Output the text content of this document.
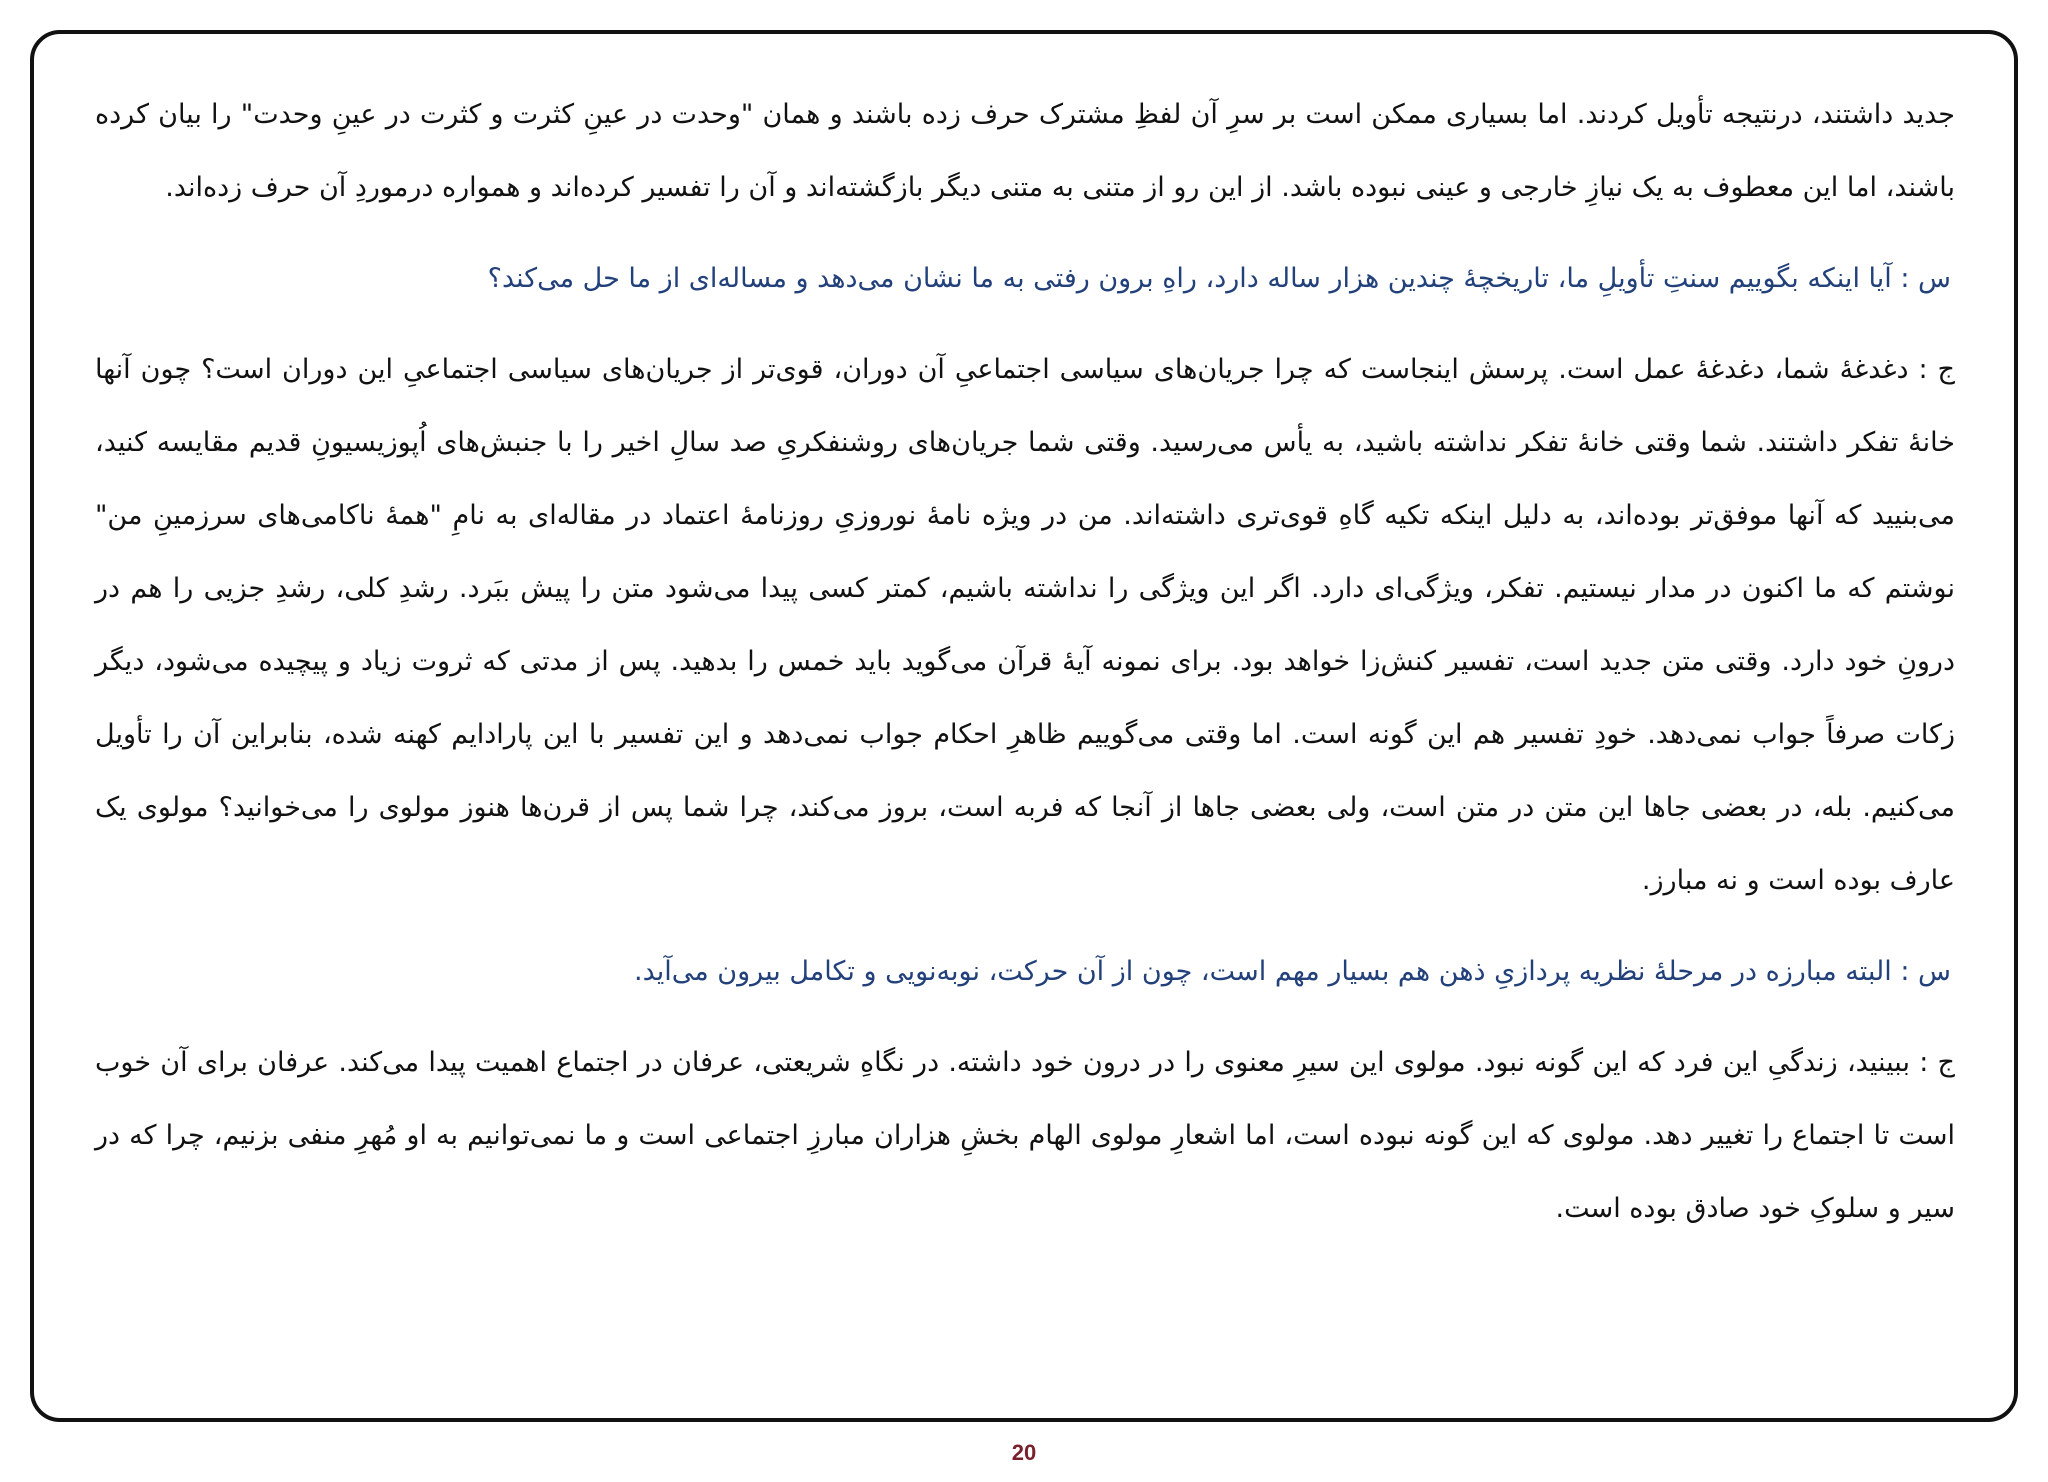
جدید داشتند، درنتیجه تأویل کردند. اما بسیاری ممکن است بر سرِ آن لفظِ مشترک حرف زده باشند و همان "وحدت در عینِ کثرت و کثرت در عینِ وحدت" را بیان کرده باشند، اما این معطوف به یک نیازِ خارجی و عینی نبوده باشد. از این رو از متنی به متنی دیگر بازگشته‌اند و آن را تفسیر کرده‌اند و همواره درموردِ آن حرف زده‌اند.

س : آیا اینکه بگوییم سنتِ تأویلِ ما، تاریخچهٔ چندین هزار ساله دارد، راهِ برون رفتی به ما نشان می‌دهد و مساله‌ای از ما حل می‌کند؟

ج : دغدغهٔ شما، دغدغهٔ عمل است. پرسش اینجاست که چرا جریان‌های سیاسی اجتماعیِ آن دوران، قوی‌تر از جریان‌های سیاسی اجتماعیِ این دوران است؟ چون آنها خانهٔ تفکر داشتند. شما وقتی خانهٔ تفکر نداشته باشید، به یأس می‌رسید. وقتی شما جریان‌های روشنفکریِ صد سالِ اخیر را با جنبش‌های اُپوزیسیونِ قدیم مقایسه کنید، می‌بنیید که آنها موفق‌تر بوده‌اند، به دلیل اینکه تکیه گاهِ قوی‌تری داشته‌اند. من در ویژه نامهٔ نوروزیِ روزنامهٔ اعتماد در مقاله‌ای به نامِ "همهٔ ناکامی‌های سرزمینِ من" نوشتم که ما اکنون در مدار نیستیم. تفکر، ویژگی‌ای دارد. اگر این ویژگی را نداشته باشیم، کمتر کسی پیدا می‌شود متن را پیش ببَرد. رشدِ کلی، رشدِ جزیی را هم در درونِ خود دارد. وقتی متن جدید است، تفسیر کنش‌زا خواهد بود. برای نمونه آیهٔ قرآن می‌گوید باید خمس را بدهید. پس از مدتی که ثروت زیاد و پیچیده می‌شود، دیگر زکات صرفاً جواب نمی‌دهد. خودِ تفسیر هم این گونه است. اما وقتی می‌گوییم ظاهرِ احکام جواب نمی‌دهد و این تفسیر با این پارادایم کهنه شده، بنابراین آن را تأویل می‌کنیم. بله، در بعضی جاها این متن در متن است، ولی بعضی جاها از آنجا که فربه است، بروز می‌کند، چرا شما پس از قرن‌ها هنوز مولوی را می‌خوانید؟ مولوی یک عارف بوده است و نه مبارز.

س : البته مبارزه در مرحلهٔ نظریه پردازیِ ذهن هم بسیار مهم است، چون از آن حرکت، نوبه‌نویی و تکامل بیرون می‌آید.

ج : ببینید، زندگیِ این فرد که این گونه نبود. مولوی این سیرِ معنوی را در درون خود داشته. در نگاهِ شریعتی، عرفان در اجتماع اهمیت پیدا می‌کند. عرفان برای آن خوب است تا اجتماع را تغییر دهد. مولوی که این گونه نبوده است، اما اشعارِ مولوی الهام بخشِ هزاران مبارزِ اجتماعی است و ما نمی‌توانیم به او مُهرِ منفی بزنیم، چرا که در سیر و سلوکِ خود صادق بوده است.

20
